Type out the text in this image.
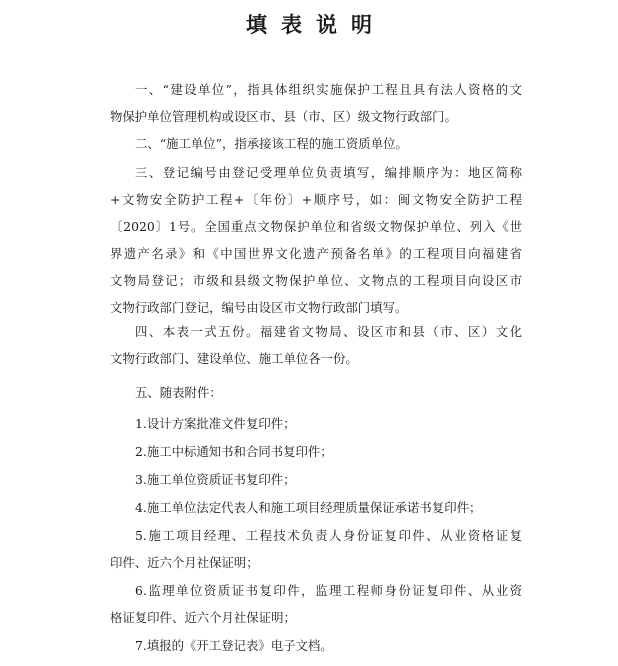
填表说明
一、“建设单位”，指具体组织实施保护工程且具有法人资格的文
物保护单位管理机构或设区市、县（市、区）级文物行政部门。
二、“施工单位”，指承接该工程的施工资质单位。
三、登记编号由登记受理单位负责填写，编排顺序为：地区简称
+文物安全防护工程+〔年份〕+顺序号，如：闽文物安全防护工程
〔2020〕1号。全国重点文物保护单位和省级文物保护单位、列入《世
界遗产名录》和《中国世界文化遗产预备名单》的工程项目向福建省
文物局登记；市级和县级文物保护单位、文物点的工程项目向设区市
文物行政部门登记，编号由设区市文物行政部门填写。
四、本表一式五份。福建省文物局、设区市和县（市、区）文化
文物行政部门、建设单位、施工单位各一份。
五、随表附件：
1.设计方案批准文件复印件；
2.施工中标通知书和合同书复印件；
3.施工单位资质证书复印件；
4.施工单位法定代表人和施工项目经理质量保证承诺书复印件；
5.施工项目经理、工程技术负责人身份证复印件、从业资格证复
印件、近六个月社保证明；
6.监理单位资质证书复印件，监理工程师身份证复印件、从业资
格证复印件、近六个月社保证明；
7.填报的《开工登记表》电子文档。
